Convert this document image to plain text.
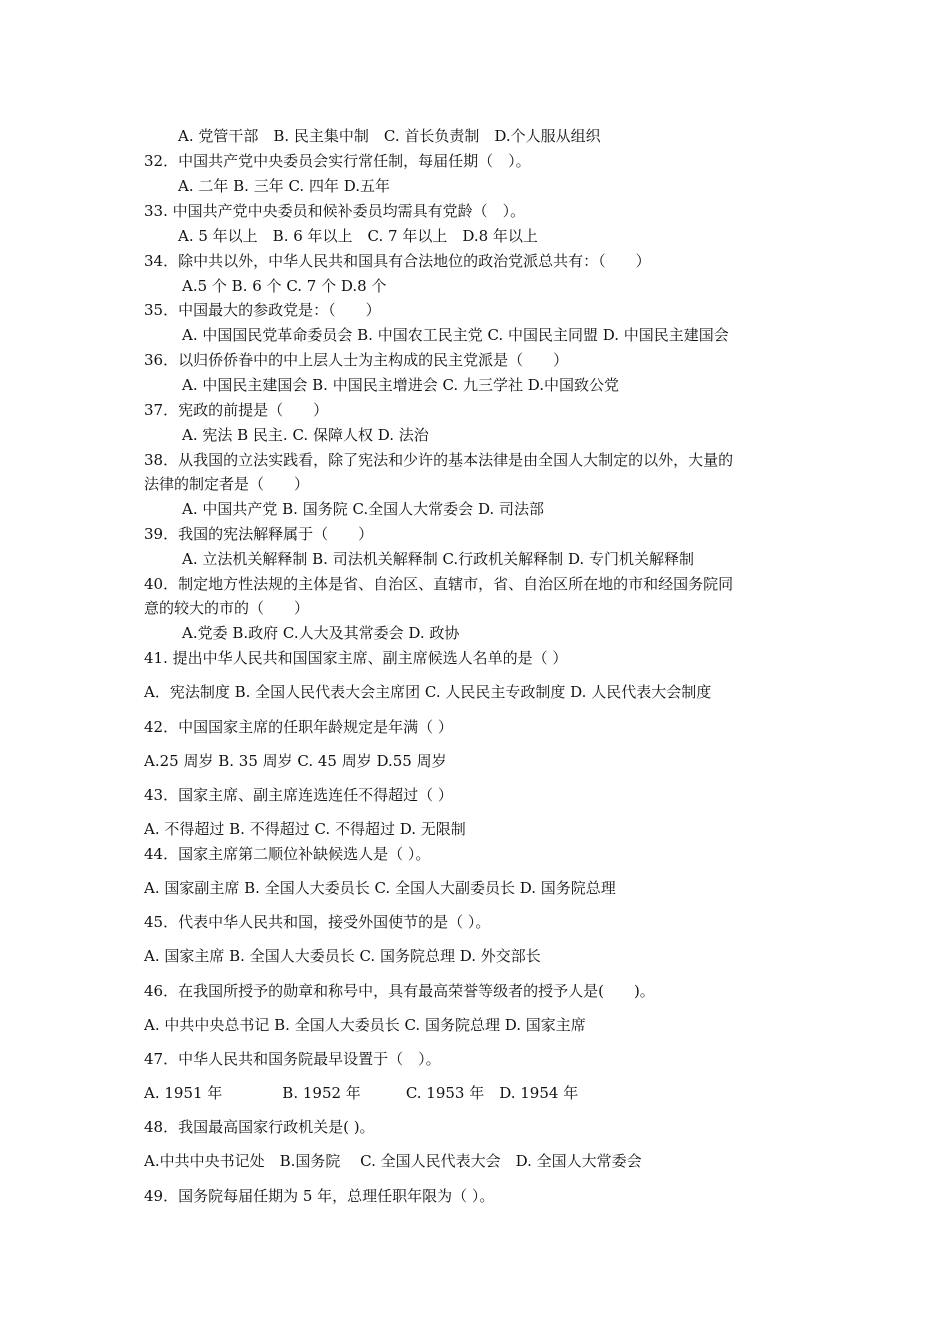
A. 党管干部　B. 民主集中制　C. 首长负责制　D.个人服从组织
32．中国共产党中央委员会实行常任制，每届任期（　）。
A. 二年 B. 三年 C. 四年 D.五年
33. 中国共产党中央委员和候补委员均需具有党龄（　）。
A. 5 年以上　B. 6 年以上　C. 7 年以上　D.8 年以上
34．除中共以外，中华人民共和国具有合法地位的政治党派总共有：（　　）
A.5 个 B. 6 个 C. 7 个 D.8 个
35．中国最大的参政党是：（　　）
A. 中国国民党革命委员会 B. 中国农工民主党 C. 中国民主同盟 D. 中国民主建国会
36．以归侨侨眷中的中上层人士为主构成的民主党派是（　　）
A. 中国民主建国会 B. 中国民主增进会 C. 九三学社 D.中国致公党
37．宪政的前提是（　　）
A. 宪法 B 民主. C. 保障人权 D. 法治
38．从我国的立法实践看，除了宪法和少许的基本法律是由全国人大制定的以外，大量的
法律的制定者是（　　）
A. 中国共产党 B. 国务院 C.全国人大常委会 D. 司法部
39．我国的宪法解释属于（　　）
A. 立法机关解释制 B. 司法机关解释制 C.行政机关解释制 D. 专门机关解释制
40．制定地方性法规的主体是省、自治区、直辖市，省、自治区所在地的市和经国务院同
意的较大的市的（　　）
A.党委 B.政府 C.人大及其常委会 D. 政协
41. 提出中华人民共和国国家主席、副主席候选人名单的是（ ）
A．宪法制度 B. 全国人民代表大会主席团 C. 人民民主专政制度 D. 人民代表大会制度
42．中国国家主席的任职年龄规定是年满（ ）
A.25 周岁 B. 35 周岁 C. 45 周岁 D.55 周岁
43．国家主席、副主席连选连任不得超过（ ）
A. 不得超过 B. 不得超过 C. 不得超过 D. 无限制
44．国家主席第二顺位补缺候选人是（ ）。
A. 国家副主席 B. 全国人大委员长 C. 全国人大副委员长 D. 国务院总理
45．代表中华人民共和国，接受外国使节的是（ ）。
A. 国家主席 B. 全国人大委员长 C. 国务院总理 D. 外交部长
46．在我国所授予的勋章和称号中，具有最高荣誉等级者的授予人是(　　)。
A. 中共中央总书记 B. 全国人大委员长 C. 国务院总理 D. 国家主席
47．中华人民共和国务院最早设置于（　）。
A. 1951 年　　　　B. 1952 年　　　C. 1953 年　D. 1954 年
48．我国最高国家行政机关是( )。
A.中共中央书记处　B.国务院　 C. 全国人民代表大会　D. 全国人大常委会
49．国务院每届任期为 5 年，总理任职年限为（ ）。
